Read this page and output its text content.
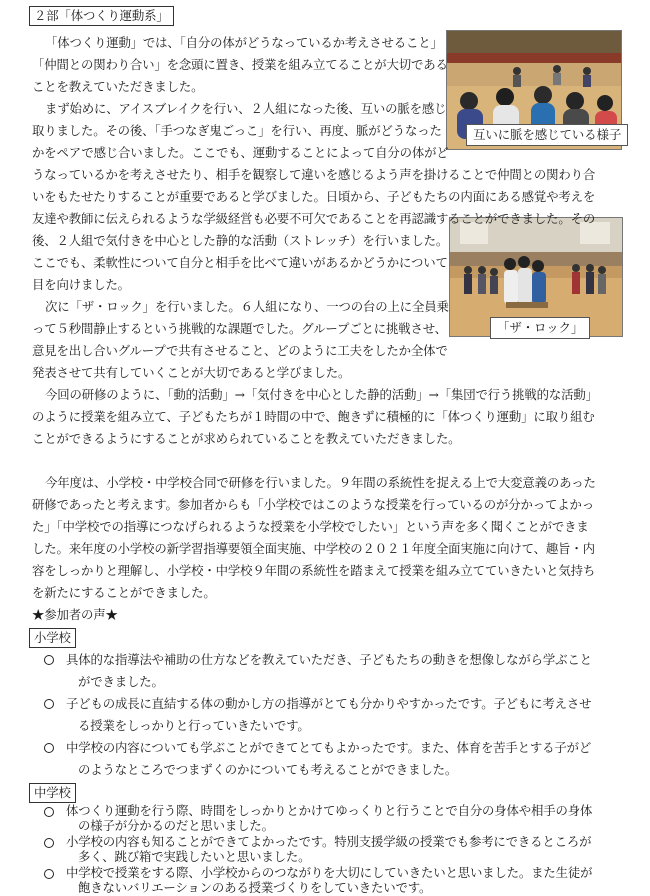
２部「体つくり運動系」
互いに脈を感じている様子
「ザ・ロック」
「体つくり運動」では、「自分の体がどうなっているか考えさせること」
「仲間との関わり合い」を念頭に置き、授業を組み立てることが大切である
ことを教えていただきました。
まず始めに、アイスブレイクを行い、２人組になった後、互いの脈を感じ
取りました。その後、「手つなぎ鬼ごっこ」を行い、再度、脈がどうなった
かをペアで感じ合いました。ここでも、運動することによって自分の体がど
うなっているかを考えさせたり、相手を観察して違いを感じるよう声を掛けることで仲間との関わり合
いをもたせたりすることが重要であると学びました。日頃から、子どもたちの内面にある感覚や考えを
友達や教師に伝えられるような学級経営も必要不可欠であることを再認識することができました。その
後、２人組で気付きを中心とした静的な活動（ストレッチ）を行いました。
ここでも、柔軟性について自分と相手を比べて違いがあるかどうかについて
目を向けました。
次に「ザ・ロック」を行いました。６人組になり、一つの台の上に全員乗
って５秒間静止するという挑戦的な課題でした。グループごとに挑戦させ、
意見を出し合いグループで共有させること、どのように工夫をしたか全体で
発表させて共有していくことが大切であると学びました。
今回の研修のように、「動的活動」→「気付きを中心とした静的活動」→「集団で行う挑戦的な活動」
のように授業を組み立て、子どもたちが１時間の中で、飽きずに積極的に「体つくり運動」に取り組む
ことができるようにすることが求められていることを教えていただきました。
今年度は、小学校・中学校合同で研修を行いました。９年間の系統性を捉える上で大変意義のあった
研修であったと考えます。参加者からも「小学校ではこのような授業を行っているのが分かってよかっ
た」「中学校での指導につなげられるような授業を小学校でしたい」という声を多く聞くことができま
した。来年度の小学校の新学習指導要領全面実施、中学校の２０２１年度全面実施に向けて、趣旨・内
容をしっかりと理解し、小学校・中学校９年間の系統性を踏まえて授業を組み立てていきたいと気持ち
を新たにすることができました。
★参加者の声★
小学校
具体的な指導法や補助の仕方などを教えていただき、子どもたちの動きを想像しながら学ぶこと
ができました。
子どもの成長に直結する体の動かし方の指導がとても分かりやすかったです。子どもに考えさせ
る授業をしっかりと行っていきたいです。
中学校の内容についても学ぶことができてとてもよかったです。また、体育を苦手とする子がど
のようなところでつまずくのかについても考えることができました。
中学校
体つくり運動を行う際、時間をしっかりとかけてゆっくりと行うことで自分の身体や相手の身体
の様子が分かるのだと思いました。
小学校の内容も知ることができてよかったです。特別支援学級の授業でも参考にできるところが
多く、跳び箱で実践したいと思いました。
中学校で授業をする際、小学校からのつながりを大切にしていきたいと思いました。また生徒が
飽きないバリエーションのある授業づくりをしていきたいです。
